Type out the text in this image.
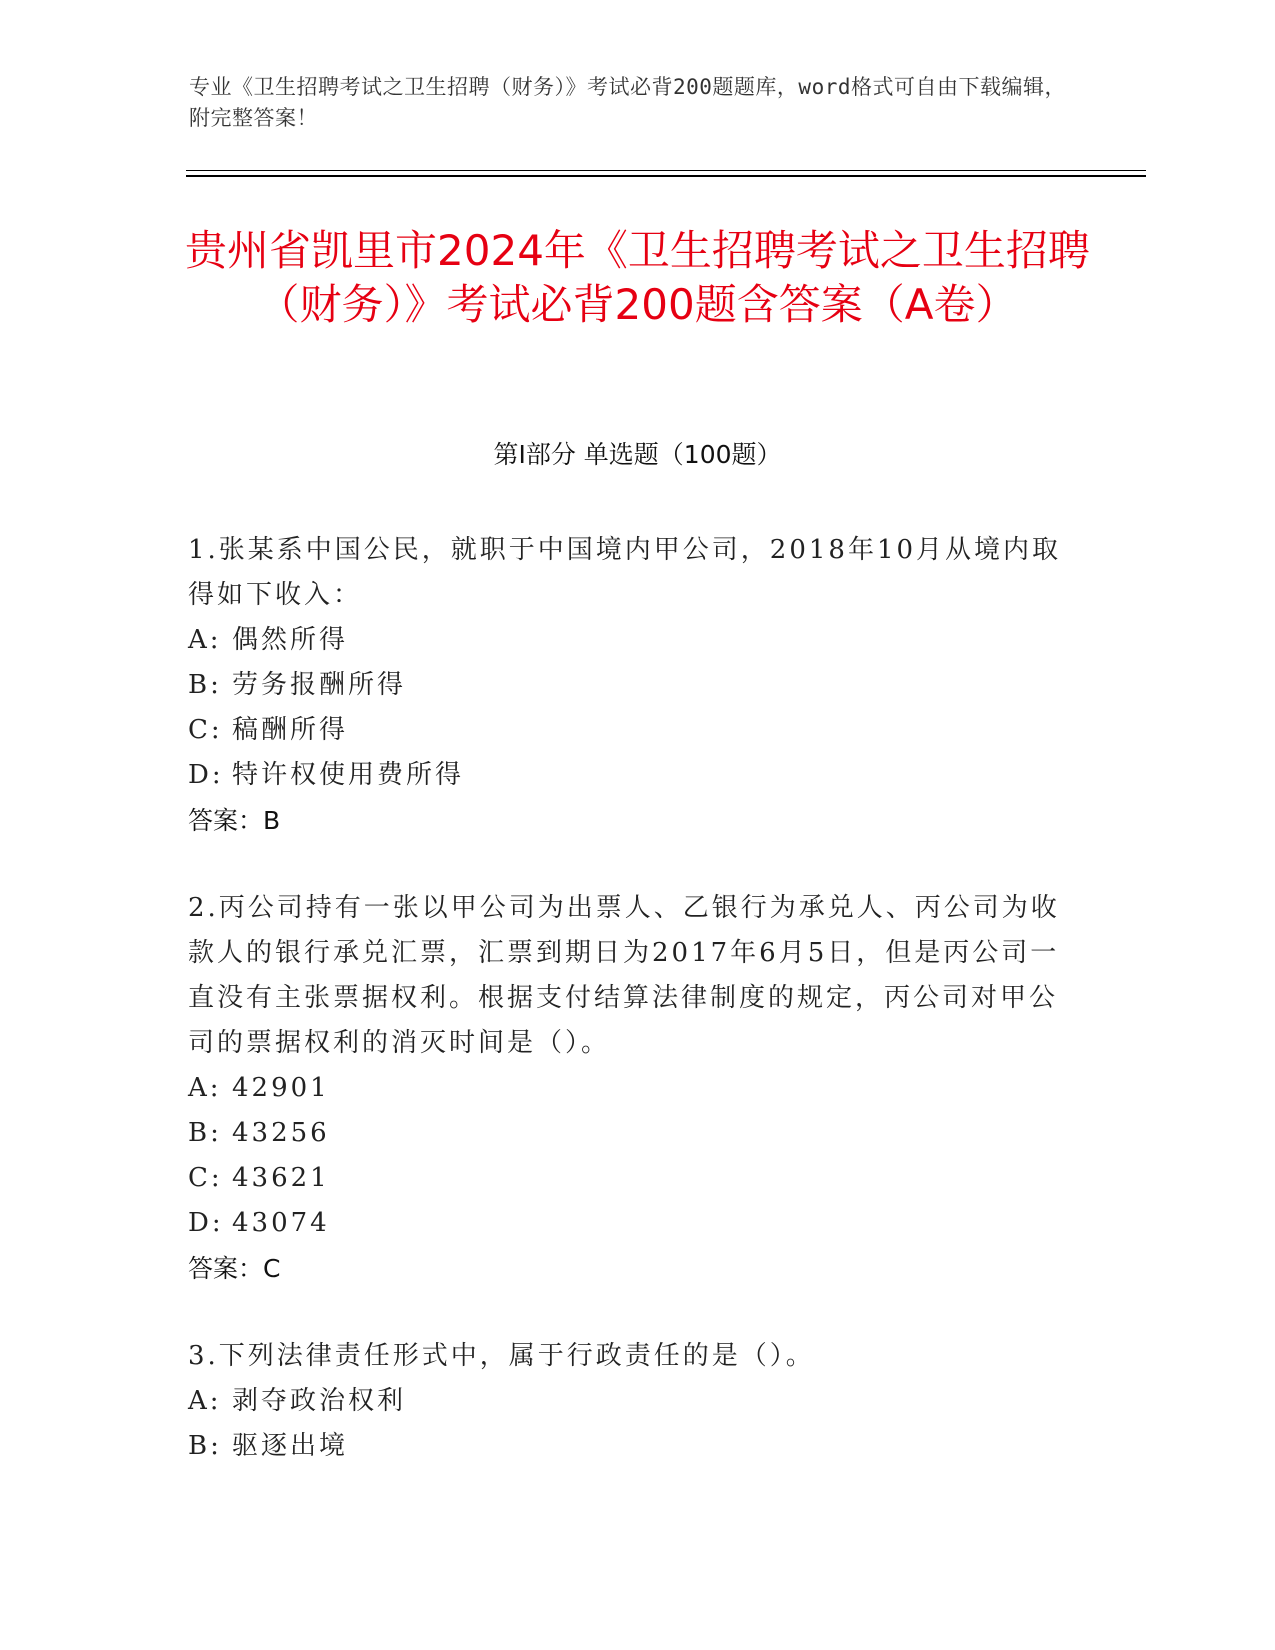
专业《卫生招聘考试之卫生招聘（财务）》考试必背200题题库，word格式可自由下载编辑，附完整答案！
贵州省凯里市2024年《卫生招聘考试之卫生招聘（财务）》考试必背200题含答案（A卷）
第Ⅰ部分 单选题（100题）

1.张某系中国公民，就职于中国境内甲公司，2018年10月从境内取得如下收入：

A: 偶然所得
B: 劳务报酬所得
C: 稿酬所得
D: 特许权使用费所得
答案：B

2.丙公司持有一张以甲公司为出票人、乙银行为承兑人、丙公司为收款人的银行承兑汇票，汇票到期日为2017年6月5日，但是丙公司一直没有主张票据权利。根据支付结算法律制度的规定，丙公司对甲公司的票据权利的消灭时间是（）。

A: 42901
B: 43256
C: 43621
D: 43074
答案：C

3.下列法律责任形式中，属于行政责任的是（）。

A: 剥夺政治权利
B: 驱逐出境
